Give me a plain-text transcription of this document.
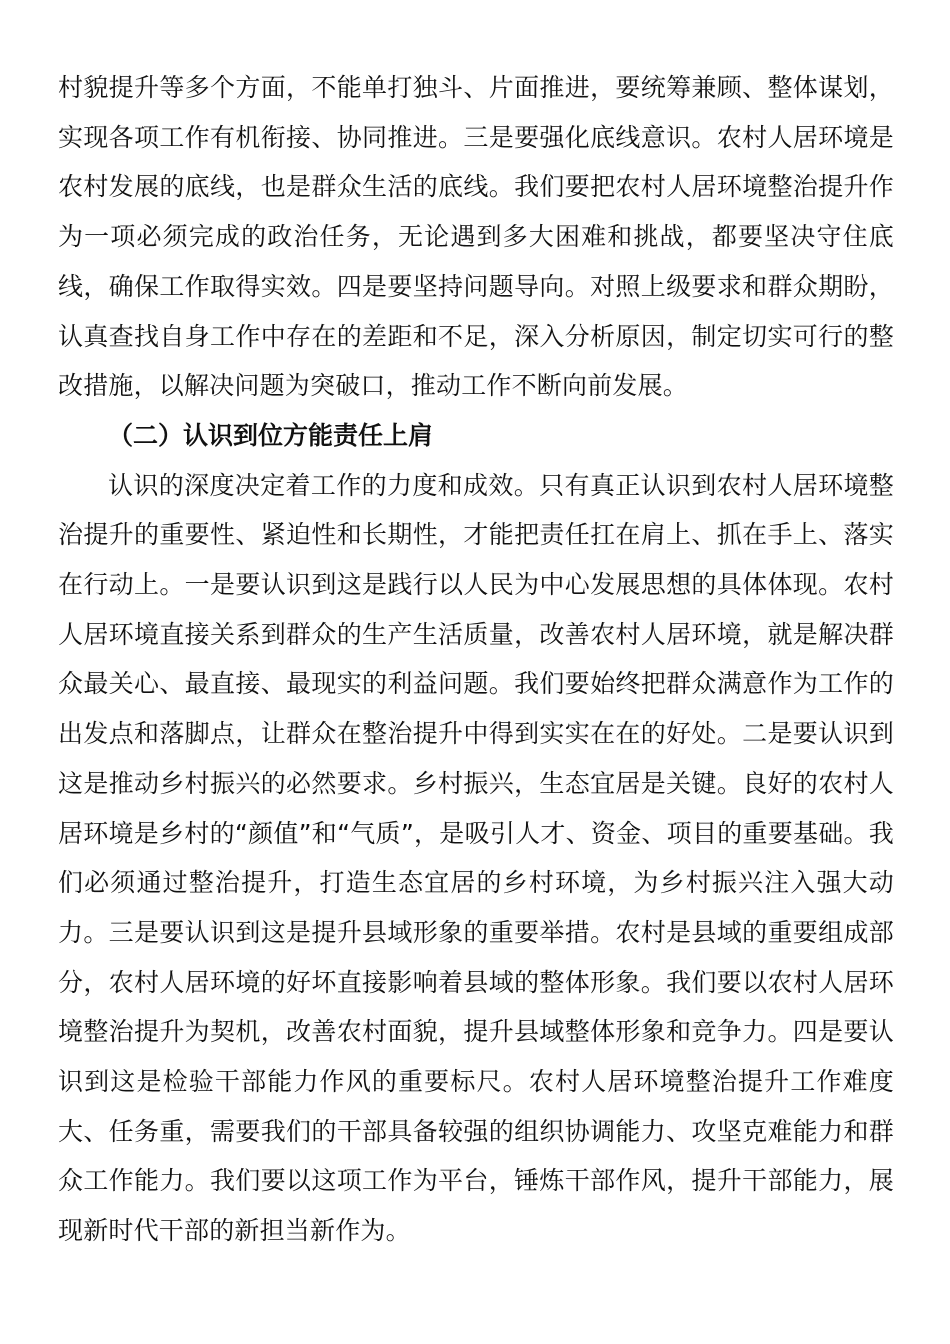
村貌提升等多个方面，不能单打独斗、片面推进，要统筹兼顾、整体谋划，实现各项工作有机衔接、协同推进。三是要强化底线意识。农村人居环境是农村发展的底线，也是群众生活的底线。我们要把农村人居环境整治提升作为一项必须完成的政治任务，无论遇到多大困难和挑战，都要坚决守住底线，确保工作取得实效。四是要坚持问题导向。对照上级要求和群众期盼，认真查找自身工作中存在的差距和不足，深入分析原因，制定切实可行的整改措施，以解决问题为突破口，推动工作不断向前发展。

（二）认识到位方能责任上肩

认识的深度决定着工作的力度和成效。只有真正认识到农村人居环境整治提升的重要性、紧迫性和长期性，才能把责任扛在肩上、抓在手上、落实在行动上。一是要认识到这是践行以人民为中心发展思想的具体体现。农村人居环境直接关系到群众的生产生活质量，改善农村人居环境，就是解决群众最关心、最直接、最现实的利益问题。我们要始终把群众满意作为工作的出发点和落脚点，让群众在整治提升中得到实实在在的好处。二是要认识到这是推动乡村振兴的必然要求。乡村振兴，生态宜居是关键。良好的农村人居环境是乡村的“颜值”和“气质”，是吸引人才、资金、项目的重要基础。我们必须通过整治提升，打造生态宜居的乡村环境，为乡村振兴注入强大动力。三是要认识到这是提升县域形象的重要举措。农村是县域的重要组成部分，农村人居环境的好坏直接影响着县域的整体形象。我们要以农村人居环境整治提升为契机，改善农村面貌，提升县域整体形象和竞争力。四是要认识到这是检验干部能力作风的重要标尺。农村人居环境整治提升工作难度大、任务重，需要我们的干部具备较强的组织协调能力、攻坚克难能力和群众工作能力。我们要以这项工作为平台，锤炼干部作风，提升干部能力，展现新时代干部的新担当新作为。
